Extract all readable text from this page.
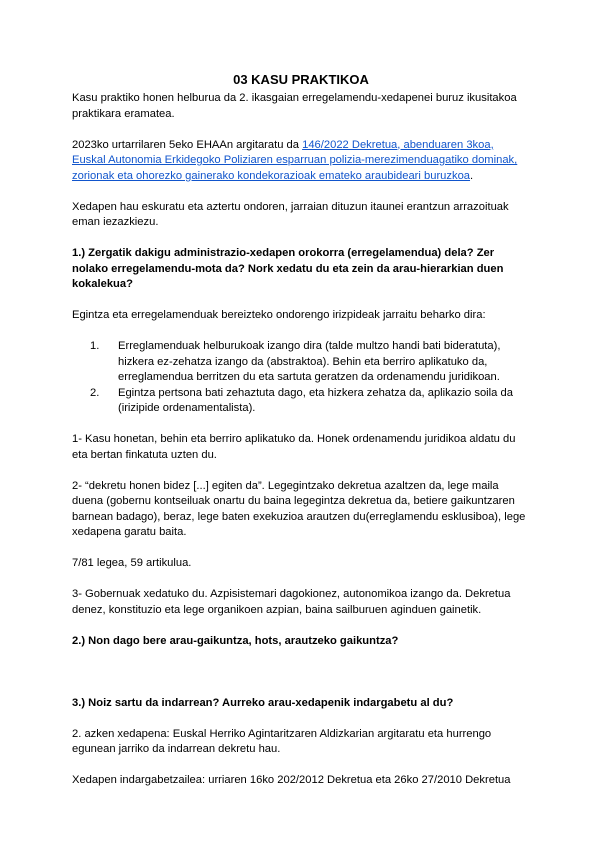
03 KASU PRAKTIKOA

Kasu praktiko honen helburua da 2. ikasgaian erregelamendu-xedapenei buruz ikusitakoa praktikara eramatea.

2023ko urtarrilaren 5eko EHAAn argitaratu da 146/2022 Dekretua, abenduaren 3koa, Euskal Autonomia Erkidegoko Poliziaren esparruan polizia-merezimenduagatiko dominak, zorionak eta ohorezko gainerako kondekorazioak emateko araubideari buruzkoa.

Xedapen hau eskuratu eta aztertu ondoren, jarraian dituzun itaunei erantzun arrazoituak eman iezazkiezu.

1.) Zergatik dakigu administrazio-xedapen orokorra (erregelamendua) dela? Zer nolako erregelamendu-mota da? Nork xedatu du eta zein da arau-hierarkian duen kokalekua?

Egintza eta erregelamenduak bereizteko ondorengo irizpideak jarraitu beharko dira:

1. Erreglamenduak helburukoak izango dira (talde multzo handi bati bideratuta), hizkera ez-zehatza izango da (abstraktoa). Behin eta berriro aplikatuko da, erreglamendua berritzen du eta sartuta geratzen da ordenamendu juridikoan.
2. Egintza pertsona bati zehaztuta dago, eta hizkera zehatza da, aplikazio soila da (irizipide ordenamentalista).

1- Kasu honetan, behin eta berriro aplikatuko da. Honek ordenamendu juridikoa aldatu du eta bertan finkatuta uzten du.

2- “dekretu honen bidez [...] egiten da”. Legegintzako dekretua azaltzen da, lege maila duena (gobernu kontseiluak onartu du baina legegintza dekretua da, betiere gaikuntzaren barnean badago), beraz, lege baten exekuzioa arautzen du(erreglamendu esklusiboa), lege xedapena garatu baita.

7/81 legea, 59 artikulua.

3- Gobernuak xedatuko du. Azpisistemari dagokionez, autonomikoa izango da. Dekretua denez, konstituzio eta lege organikoen azpian, baina sailburuen aginduen gainetik.

2.) Non dago bere arau-gaikuntza, hots, arautzeko gaikuntza?

3.) Noiz sartu da indarrean? Aurreko arau-xedapenik indargabetu al du?

2. azken xedapena: Euskal Herriko Agintaritzaren Aldizkarian argitaratu eta hurrengo egunean jarriko da indarrean dekretu hau.

Xedapen indargabetzailea: urriaren 16ko 202/2012 Dekretua eta 26ko 27/2010 Dekretua
